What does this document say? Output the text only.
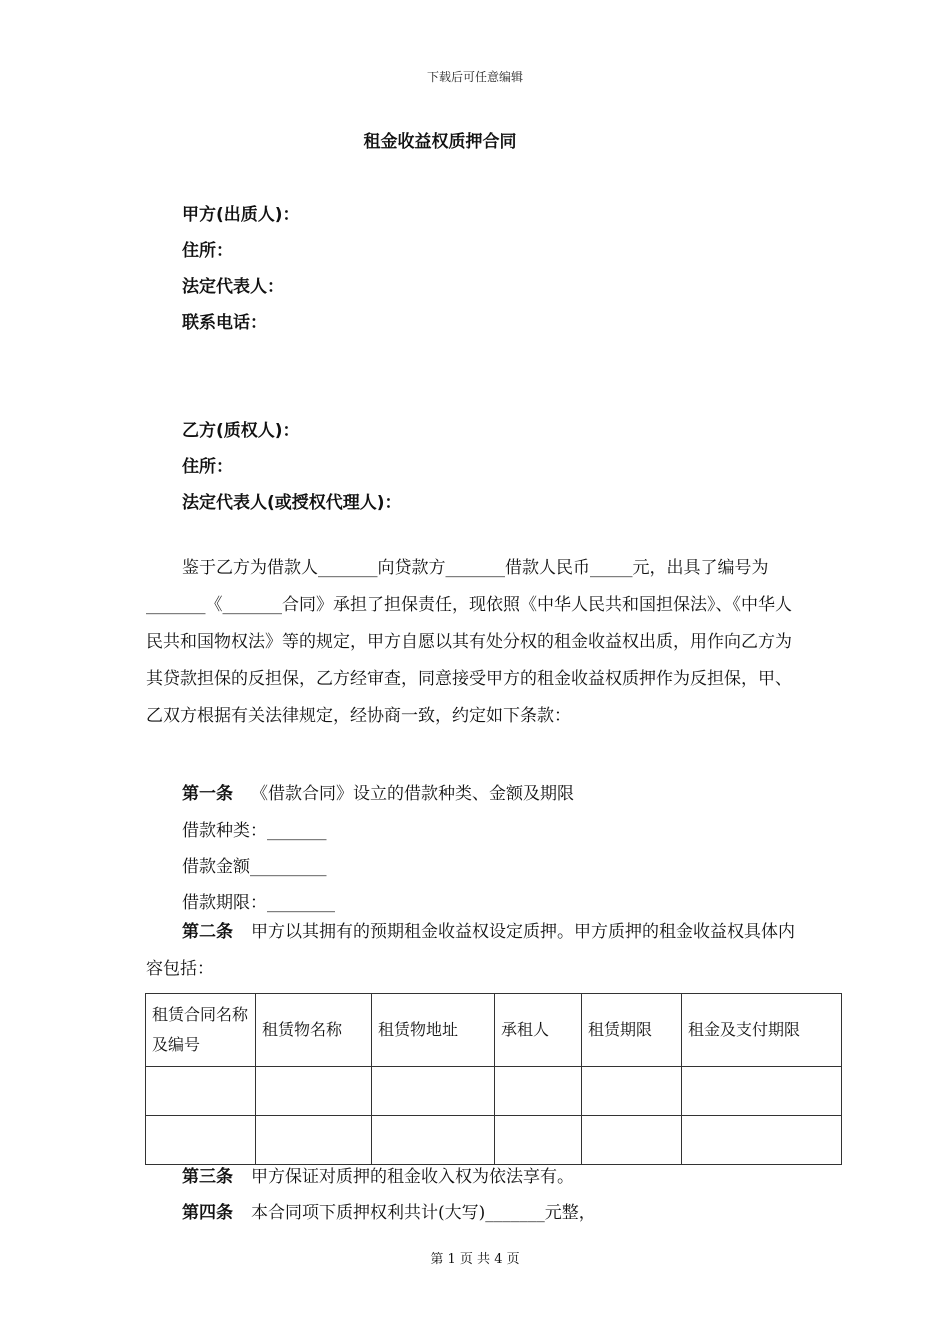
下载后可任意编辑
租金收益权质押合同
甲方(出质人)：
住所：
法定代表人：
联系电话：
乙方(质权人)：
住所：
法定代表人(或授权代理人)：

鉴于乙方为借款人_______向贷款方_______借款人民币_____元，出具了编号为_______《_______合同》承担了担保责任，现依照《中华人民共和国担保法》、《中华人民共和国物权法》等的规定，甲方自愿以其有处分权的租金收益权出质，用作向乙方为其贷款担保的反担保，乙方经审查，同意接受甲方的租金收益权质押作为反担保，甲、乙双方根据有关法律规定，经协商一致，约定如下条款：

第一条 《借款合同》设立的借款种类、金额及期限
借款种类：_______
借款金额_________
借款期限：________

第二条 甲方以其拥有的预期租金收益权设定质押。甲方质押的租金收益权具体内容包括：

租赁合同名称及编号	租赁物名称	租赁物地址	承租人	租赁期限	租金及支付期限

第三条 甲方保证对质押的租金收入权为依法享有。
第四条 本合同项下质押权利共计(大写)_______元整，
第 1 页 共 4 页
